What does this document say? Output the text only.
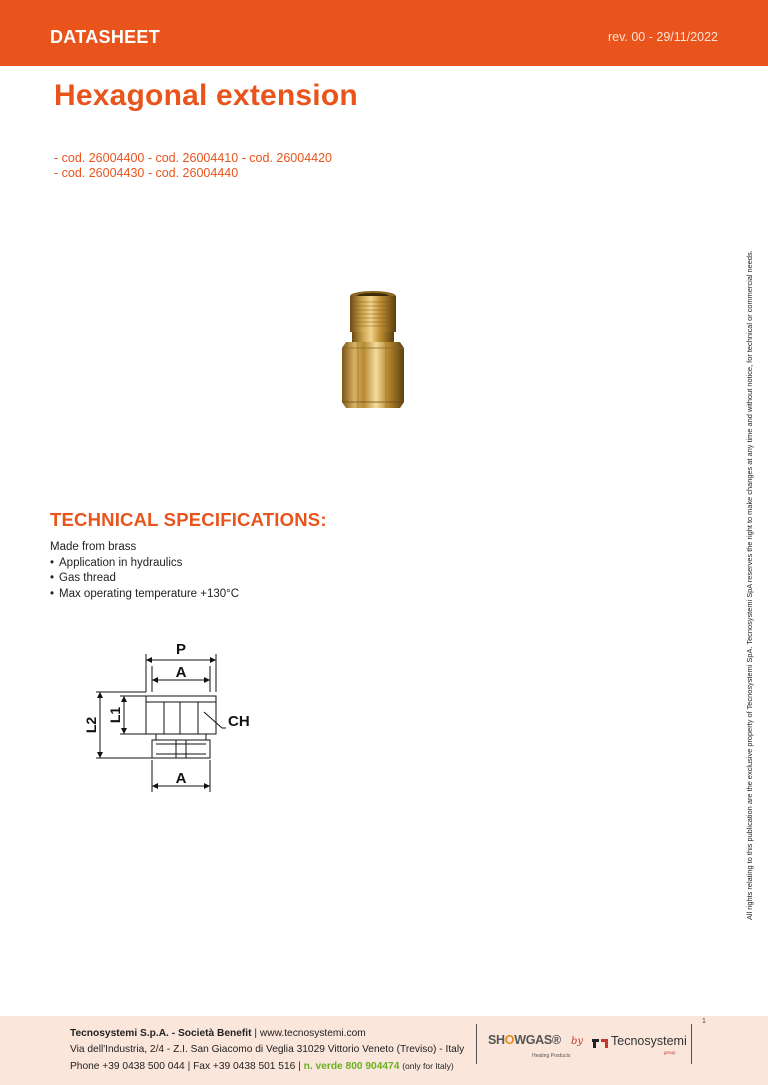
DATASHEET	rev. 00 - 29/11/2022
Hexagonal extension
- cod. 26004400 - cod. 26004410 - cod. 26004420
- cod. 26004430 - cod. 26004440
TECHNICAL SPECIFICATIONS:
Made from brass
• Application in hydraulics
• Gas thread
• Max operating temperature +130°C
P
A
A
CH
L1
L2	All rights relating to this publication are the exclusive property of Tecnosystemi SpA. Tecnosystemi SpA reserves the right to make changes at any time and without notice, for technical or commercial needs.
Tecnosystemi S.p.A. - Società Benefit | www.tecnosystemi.com
Via dell'Industria, 2/4 - Z.I. San Giacomo di Veglia 31029 Vittorio Veneto (Treviso) - Italy
Phone +39 0438 500 044 | Fax +39 0438 501 516 | n. verde 800 904474 (only for Italy)
SHOWGAS®
Heating Products
by Tecnosystemi
group
1
